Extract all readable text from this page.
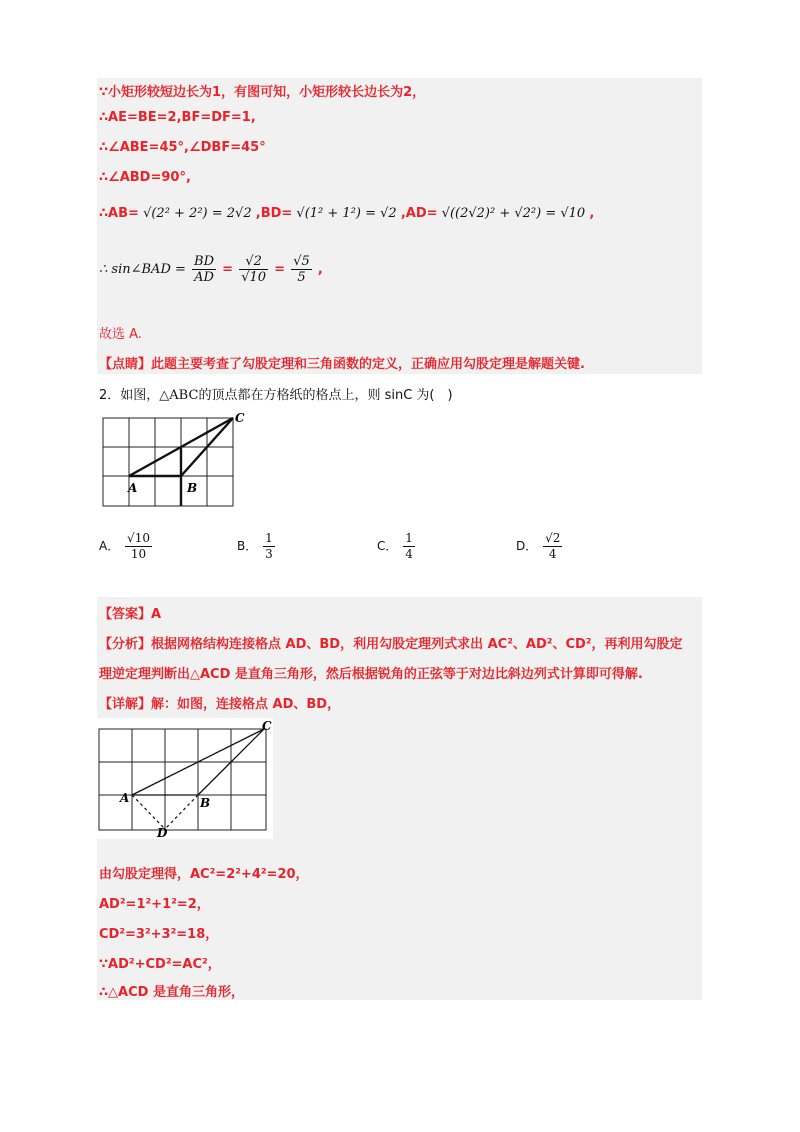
∵小矩形较短边长为1，有图可知，小矩形较长边长为2，
∴AE=BE=2,BF=DF=1,
∴∠ABE=45°,∠DBF=45°
∴∠ABD=90°,
∴AB= √(2² + 2²) = 2√2 ,BD= √(1² + 1²) = √2 ,AD= √((2√2)² + √2²) = √10 ,
∴ sin∠BAD = $\frac{BD}{AD} = \frac{√2}{√10} = \frac{√5}{5}$ ,
故选 A.
【点睛】此题主要考查了勾股定理和三角函数的定义，正确应用勾股定理是解题关键.
2．如图，△ABC的顶点都在方格纸的格点上，则 sinC 为(　)
A	B
C
A． $\frac{√10}{10}$	B． $\frac{1}{3}$	C． $\frac{1}{4}$	D． $\frac{√2}{4}$
【答案】A
【分析】根据网格结构连接格点 AD、BD，利用勾股定理列式求出 AC²、AD²、CD²，再利用勾股定
理逆定理判断出△ACD 是直角三角形，然后根据锐角的正弦等于对边比斜边列式计算即可得解.
【详解】解：如图，连接格点 AD、BD，
A	B
C
D
由勾股定理得，AC²=2²+4²=20，
AD²=1²+1²=2，
CD²=3²+3²=18，
∵AD²+CD²=AC²，
∴△ACD 是直角三角形，
